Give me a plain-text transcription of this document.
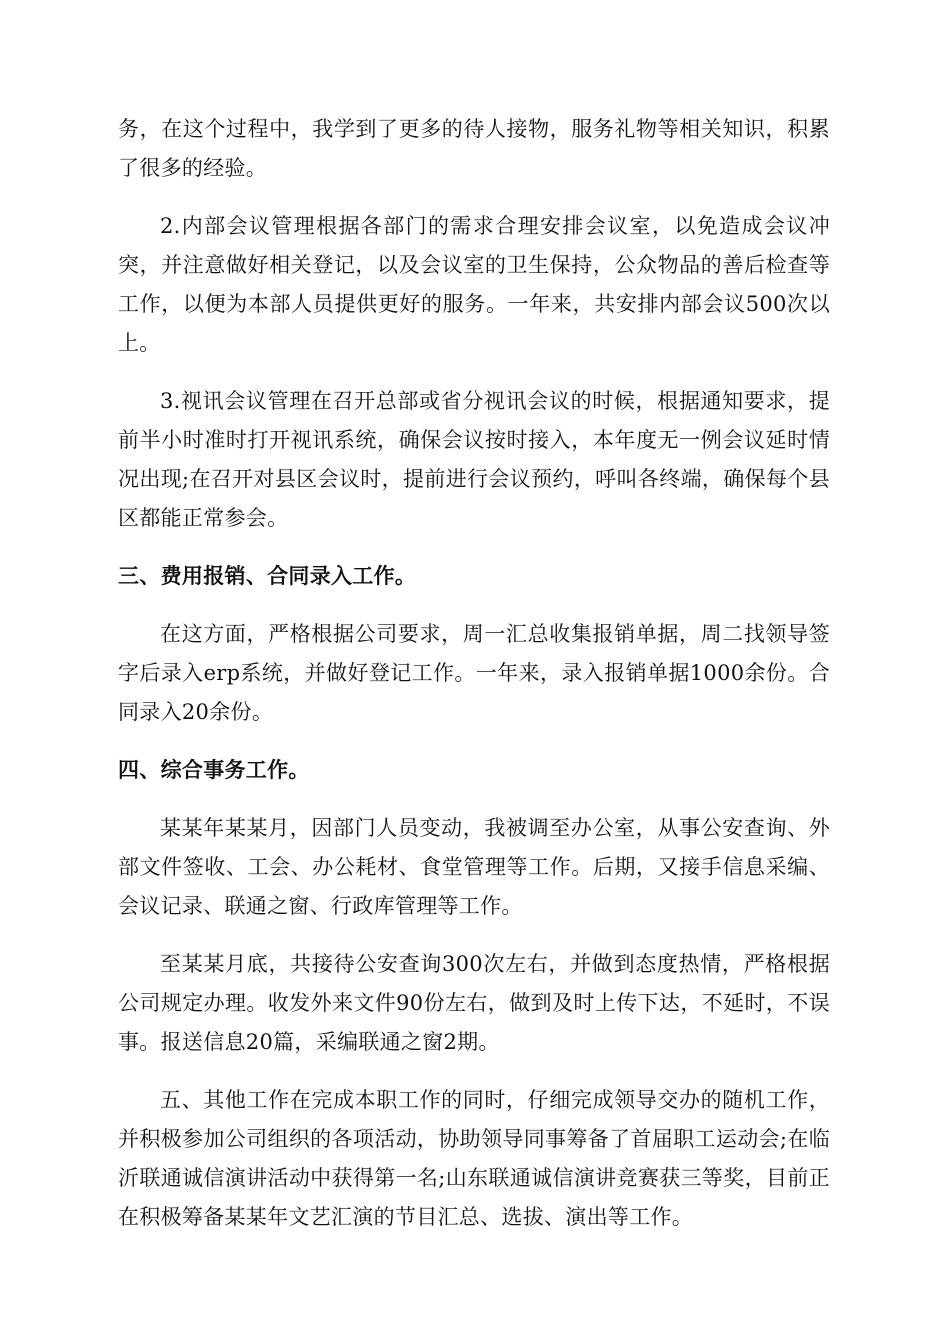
务，在这个过程中，我学到了更多的待人接物，服务礼物等相关知识，积累了很多的经验。

2.内部会议管理根据各部门的需求合理安排会议室，以免造成会议冲突，并注意做好相关登记，以及会议室的卫生保持，公众物品的善后检查等工作，以便为本部人员提供更好的服务。一年来，共安排内部会议500次以上。

3.视讯会议管理在召开总部或省分视讯会议的时候，根据通知要求，提前半小时准时打开视讯系统，确保会议按时接入，本年度无一例会议延时情况出现;在召开对县区会议时，提前进行会议预约，呼叫各终端，确保每个县区都能正常参会。

三、费用报销、合同录入工作。

在这方面，严格根据公司要求，周一汇总收集报销单据，周二找领导签字后录入erp系统，并做好登记工作。一年来，录入报销单据1000余份。合同录入20余份。

四、综合事务工作。

某某年某某月，因部门人员变动，我被调至办公室，从事公安查询、外部文件签收、工会、办公耗材、食堂管理等工作。后期，又接手信息采编、会议记录、联通之窗、行政库管理等工作。

至某某月底，共接待公安查询300次左右，并做到态度热情，严格根据公司规定办理。收发外来文件90份左右，做到及时上传下达，不延时，不误事。报送信息20篇，采编联通之窗2期。

五、其他工作在完成本职工作的同时，仔细完成领导交办的随机工作，并积极参加公司组织的各项活动，协助领导同事筹备了首届职工运动会;在临沂联通诚信演讲活动中获得第一名;山东联通诚信演讲竞赛获三等奖，目前正在积极筹备某某年文艺汇演的节目汇总、选拔、演出等工作。
